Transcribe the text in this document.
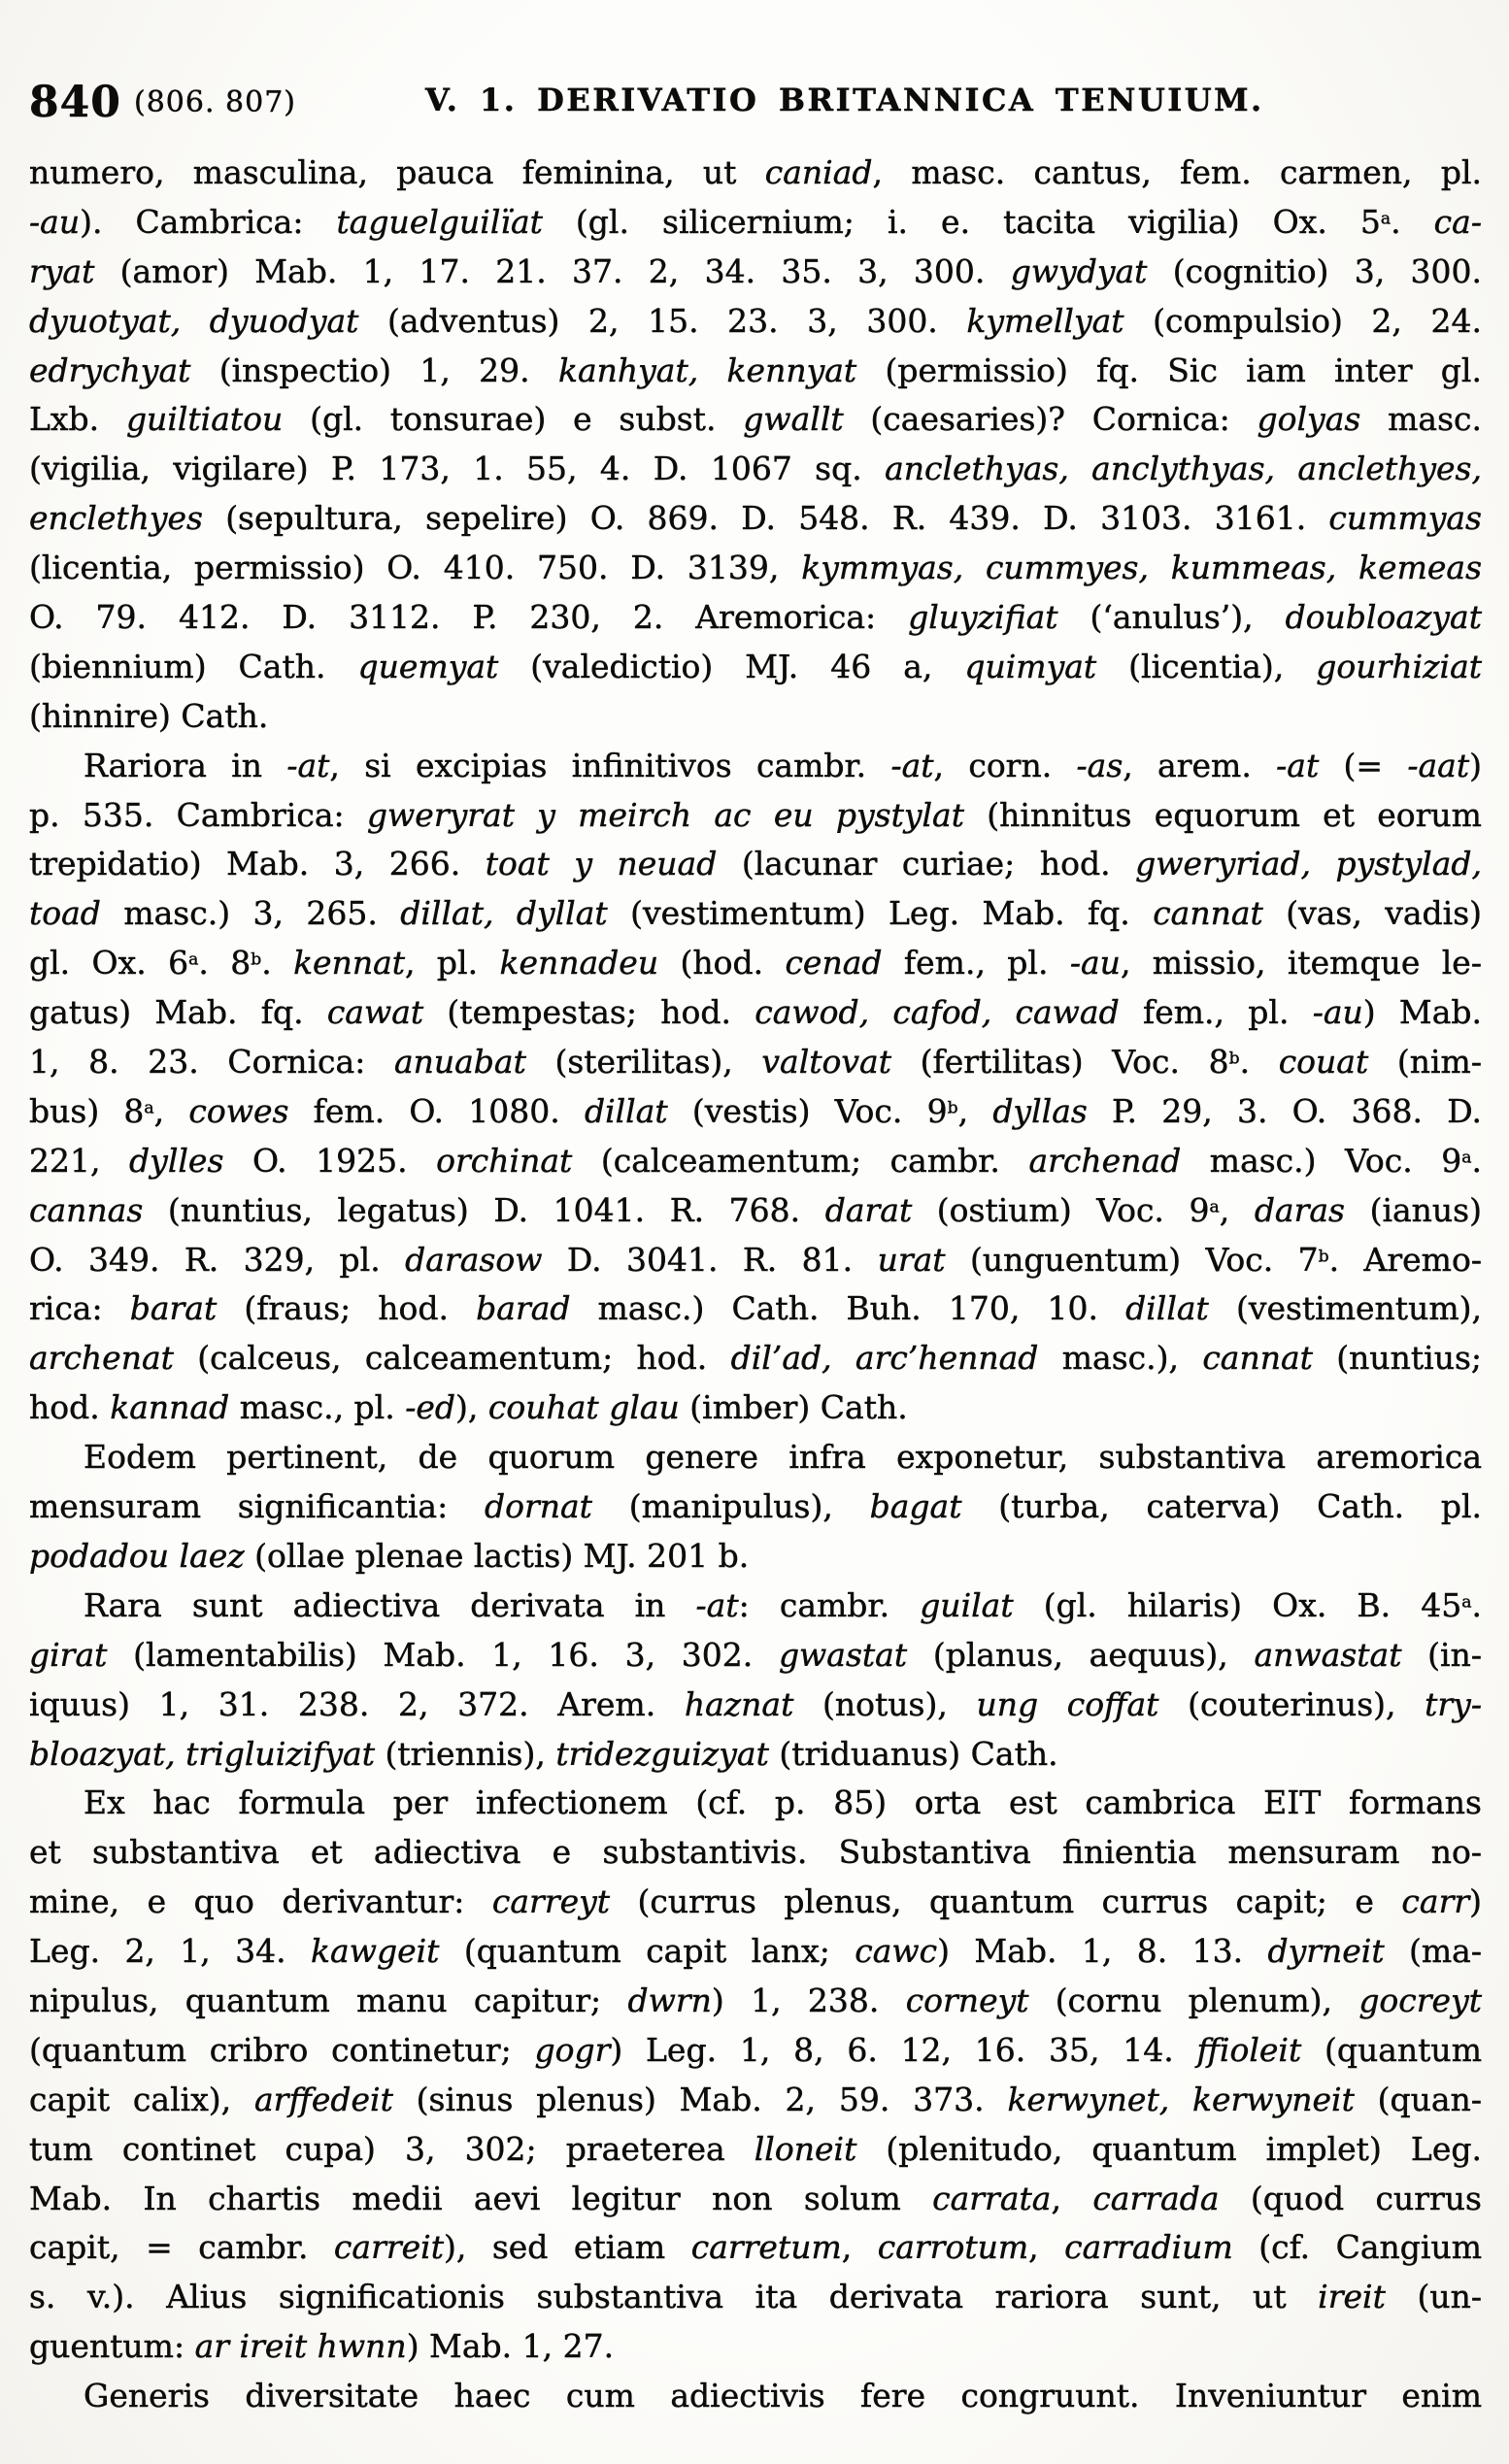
840 (806. 807)	V. 1. DERIVATIO BRITANNICA TENUIUM.
numero, masculina, pauca feminina, ut caniad, masc. cantus, fem. carmen, pl.
-au). Cambrica: taguelguilïat (gl. silicernium; i. e. tacita vigilia) Ox. 5$^a$. ca-
ryat (amor) Mab. 1, 17. 21. 37. 2, 34. 35. 3, 300. gwydyat (cognitio) 3, 300.
dyuotyat, dyuodyat (adventus) 2, 15. 23. 3, 300. kymellyat (compulsio) 2, 24.
edrychyat (inspectio) 1, 29. kanhyat, kennyat (permissio) fq. Sic iam inter gl.
Lxb. guiltiatou (gl. tonsurae) e subst. gwallt (caesaries)? Cornica: golyas masc.
(vigilia, vigilare) P. 173, 1. 55, 4. D. 1067 sq. anclethyas, anclythyas, anclethyes,
enclethyes (sepultura, sepelire) O. 869. D. 548. R. 439. D. 3103. 3161. cummyas
(licentia, permissio) O. 410. 750. D. 3139, kymmyas, cummyes, kummeas, kemeas
O. 79. 412. D. 3112. P. 230, 2. Aremorica: gluyzifiat (‘anulus’), doubloazyat
(biennium) Cath. quemyat (valedictio) MJ. 46 a, quimyat (licentia), gourhiziat
(hinnire) Cath.
Rariora in -at, si excipias infinitivos cambr. -at, corn. -as, arem. -at (= -aat)
p. 535. Cambrica: gweryrat y meirch ac eu pystylat (hinnitus equorum et eorum
trepidatio) Mab. 3, 266. toat y neuad (lacunar curiae; hod. gweryriad, pystylad,
toad masc.) 3, 265. dillat, dyllat (vestimentum) Leg. Mab. fq. cannat (vas, vadis)
gl. Ox. 6$^a$. 8$^b$. kennat, pl. kennadeu (hod. cenad fem., pl. -au, missio, itemque le-
gatus) Mab. fq. cawat (tempestas; hod. cawod, cafod, cawad fem., pl. -au) Mab.
1, 8. 23. Cornica: anuabat (sterilitas), valtovat (fertilitas) Voc. 8$^b$. couat (nim-
bus) 8$^a$, cowes fem. O. 1080. dillat (vestis) Voc. 9$^b$, dyllas P. 29, 3. O. 368. D.
221, dylles O. 1925. orchinat (calceamentum; cambr. archenad masc.) Voc. 9$^a$.
cannas (nuntius, legatus) D. 1041. R. 768. darat (ostium) Voc. 9$^a$, daras (ianus)
O. 349. R. 329, pl. darasow D. 3041. R. 81. urat (unguentum) Voc. 7$^b$. Aremo-
rica: barat (fraus; hod. barad masc.) Cath. Buh. 170, 10. dillat (vestimentum),
archenat (calceus, calceamentum; hod. dil’ad, arc’hennad masc.), cannat (nuntius;
hod. kannad masc., pl. -ed), couhat glau (imber) Cath.
Eodem pertinent, de quorum genere infra exponetur, substantiva aremorica
mensuram significantia: dornat (manipulus), bagat (turba, caterva) Cath. pl.
podadou laez (ollae plenae lactis) MJ. 201 b.
Rara sunt adiectiva derivata in -at: cambr. guilat (gl. hilaris) Ox. B. 45$^a$.
girat (lamentabilis) Mab. 1, 16. 3, 302. gwastat (planus, aequus), anwastat (in-
iquus) 1, 31. 238. 2, 372. Arem. haznat (notus), ung coffat (couterinus), try-
bloazyat, trigluizifyat (triennis), tridezguizyat (triduanus) Cath.
Ex hac formula per infectionem (cf. p. 85) orta est cambrica EIT formans
et substantiva et adiectiva e substantivis. Substantiva finientia mensuram no-
mine, e quo derivantur: carreyt (currus plenus, quantum currus capit; e carr)
Leg. 2, 1, 34. kawgeit (quantum capit lanx; cawc) Mab. 1, 8. 13. dyrneit (ma-
nipulus, quantum manu capitur; dwrn) 1, 238. corneyt (cornu plenum), gocreyt
(quantum cribro continetur; gogr) Leg. 1, 8, 6. 12, 16. 35, 14. ffioleit (quantum
capit calix), arffedeit (sinus plenus) Mab. 2, 59. 373. kerwynet, kerwyneit (quan-
tum continet cupa) 3, 302; praeterea lloneit (plenitudo, quantum implet) Leg.
Mab. In chartis medii aevi legitur non solum carrata, carrada (quod currus
capit, = cambr. carreit), sed etiam carretum, carrotum, carradium (cf. Cangium
s. v.). Alius significationis substantiva ita derivata rariora sunt, ut ireit (un-
guentum: ar ireit hwnn) Mab. 1, 27.
Generis diversitate haec cum adiectivis fere congruunt. Inveniuntur enim
